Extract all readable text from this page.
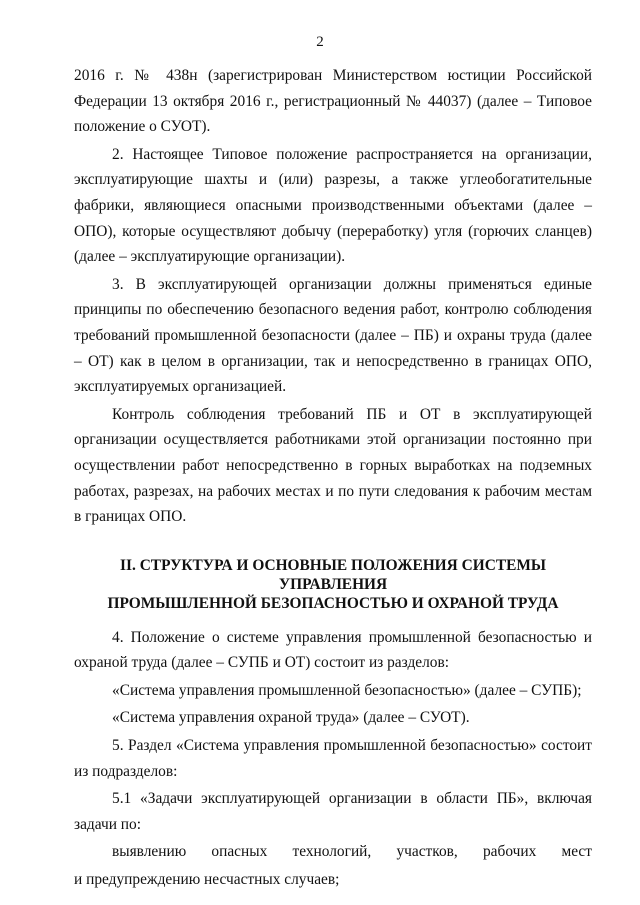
2

2016 г. № 438н (зарегистрирован Министерством юстиции Российской Федерации 13 октября 2016 г., регистрационный № 44037) (далее – Типовое положение о СУОТ).

2. Настоящее Типовое положение распространяется на организации, эксплуатирующие шахты и (или) разрезы, а также углеобогатительные фабрики, являющиеся опасными производственными объектами (далее – ОПО), которые осуществляют добычу (переработку) угля (горючих сланцев) (далее – эксплуатирующие организации).

3. В эксплуатирующей организации должны применяться единые принципы по обеспечению безопасного ведения работ, контролю соблюдения требований промышленной безопасности (далее – ПБ) и охраны труда (далее – ОТ) как в целом в организации, так и непосредственно в границах ОПО, эксплуатируемых организацией.

Контроль соблюдения требований ПБ и ОТ в эксплуатирующей организации осуществляется работниками этой организации постоянно при осуществлении работ непосредственно в горных выработках на подземных работах, разрезах, на рабочих местах и по пути следования к рабочим местам в границах ОПО.

II. СТРУКТУРА И ОСНОВНЫЕ ПОЛОЖЕНИЯ СИСТЕМЫ УПРАВЛЕНИЯ
ПРОМЫШЛЕННОЙ БЕЗОПАСНОСТЬЮ И ОХРАНОЙ ТРУДА

4. Положение о системе управления промышленной безопасностью и охраной труда (далее – СУПБ и ОТ) состоит из разделов:

«Система управления промышленной безопасностью» (далее – СУПБ);

«Система управления охраной труда» (далее – СУОТ).

5. Раздел «Система управления промышленной безопасностью» состоит из подразделов:

5.1 «Задачи эксплуатирующей организации в области ПБ», включая задачи по:

выявлению опасных технологий, участков, рабочих мест

и предупреждению несчастных случаев;
